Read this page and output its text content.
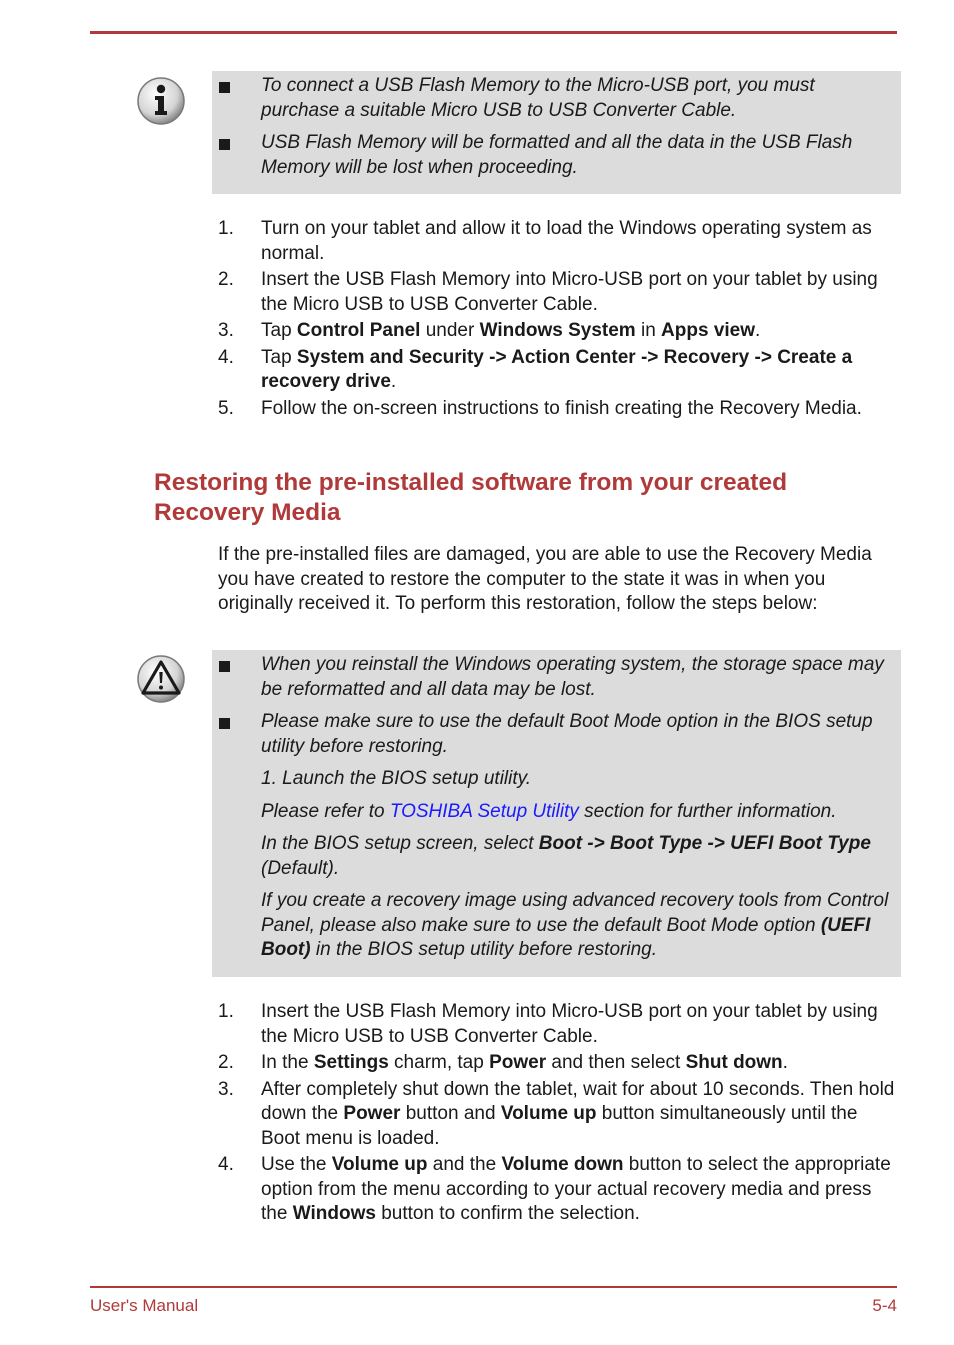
To connect a USB Flash Memory to the Micro-USB port, you must purchase a suitable Micro USB to USB Converter Cable.
USB Flash Memory will be formatted and all the data in the USB Flash Memory will be lost when proceeding.
1. Turn on your tablet and allow it to load the Windows operating system as normal.
2. Insert the USB Flash Memory into Micro-USB port on your tablet by using the Micro USB to USB Converter Cable.
3. Tap Control Panel under Windows System in Apps view.
4. Tap System and Security -> Action Center -> Recovery -> Create a recovery drive.
5. Follow the on-screen instructions to finish creating the Recovery Media.
Restoring the pre-installed software from your created Recovery Media

If the pre-installed files are damaged, you are able to use the Recovery Media you have created to restore the computer to the state it was in when you originally received it. To perform this restoration, follow the steps below:

When you reinstall the Windows operating system, the storage space may be reformatted and all data may be lost.
Please make sure to use the default Boot Mode option in the BIOS setup utility before restoring.
1. Launch the BIOS setup utility.
Please refer to TOSHIBA Setup Utility section for further information.
In the BIOS setup screen, select Boot -> Boot Type -> UEFI Boot Type (Default).
If you create a recovery image using advanced recovery tools from Control Panel, please also make sure to use the default Boot Mode option (UEFI Boot) in the BIOS setup utility before restoring.
1. Insert the USB Flash Memory into Micro-USB port on your tablet by using the Micro USB to USB Converter Cable.
2. In the Settings charm, tap Power and then select Shut down.
3. After completely shut down the tablet, wait for about 10 seconds. Then hold down the Power button and Volume up button simultaneously until the Boot menu is loaded.
4. Use the Volume up and the Volume down button to select the appropriate option from the menu according to your actual recovery media and press the Windows button to confirm the selection.
User's Manual	5-4
